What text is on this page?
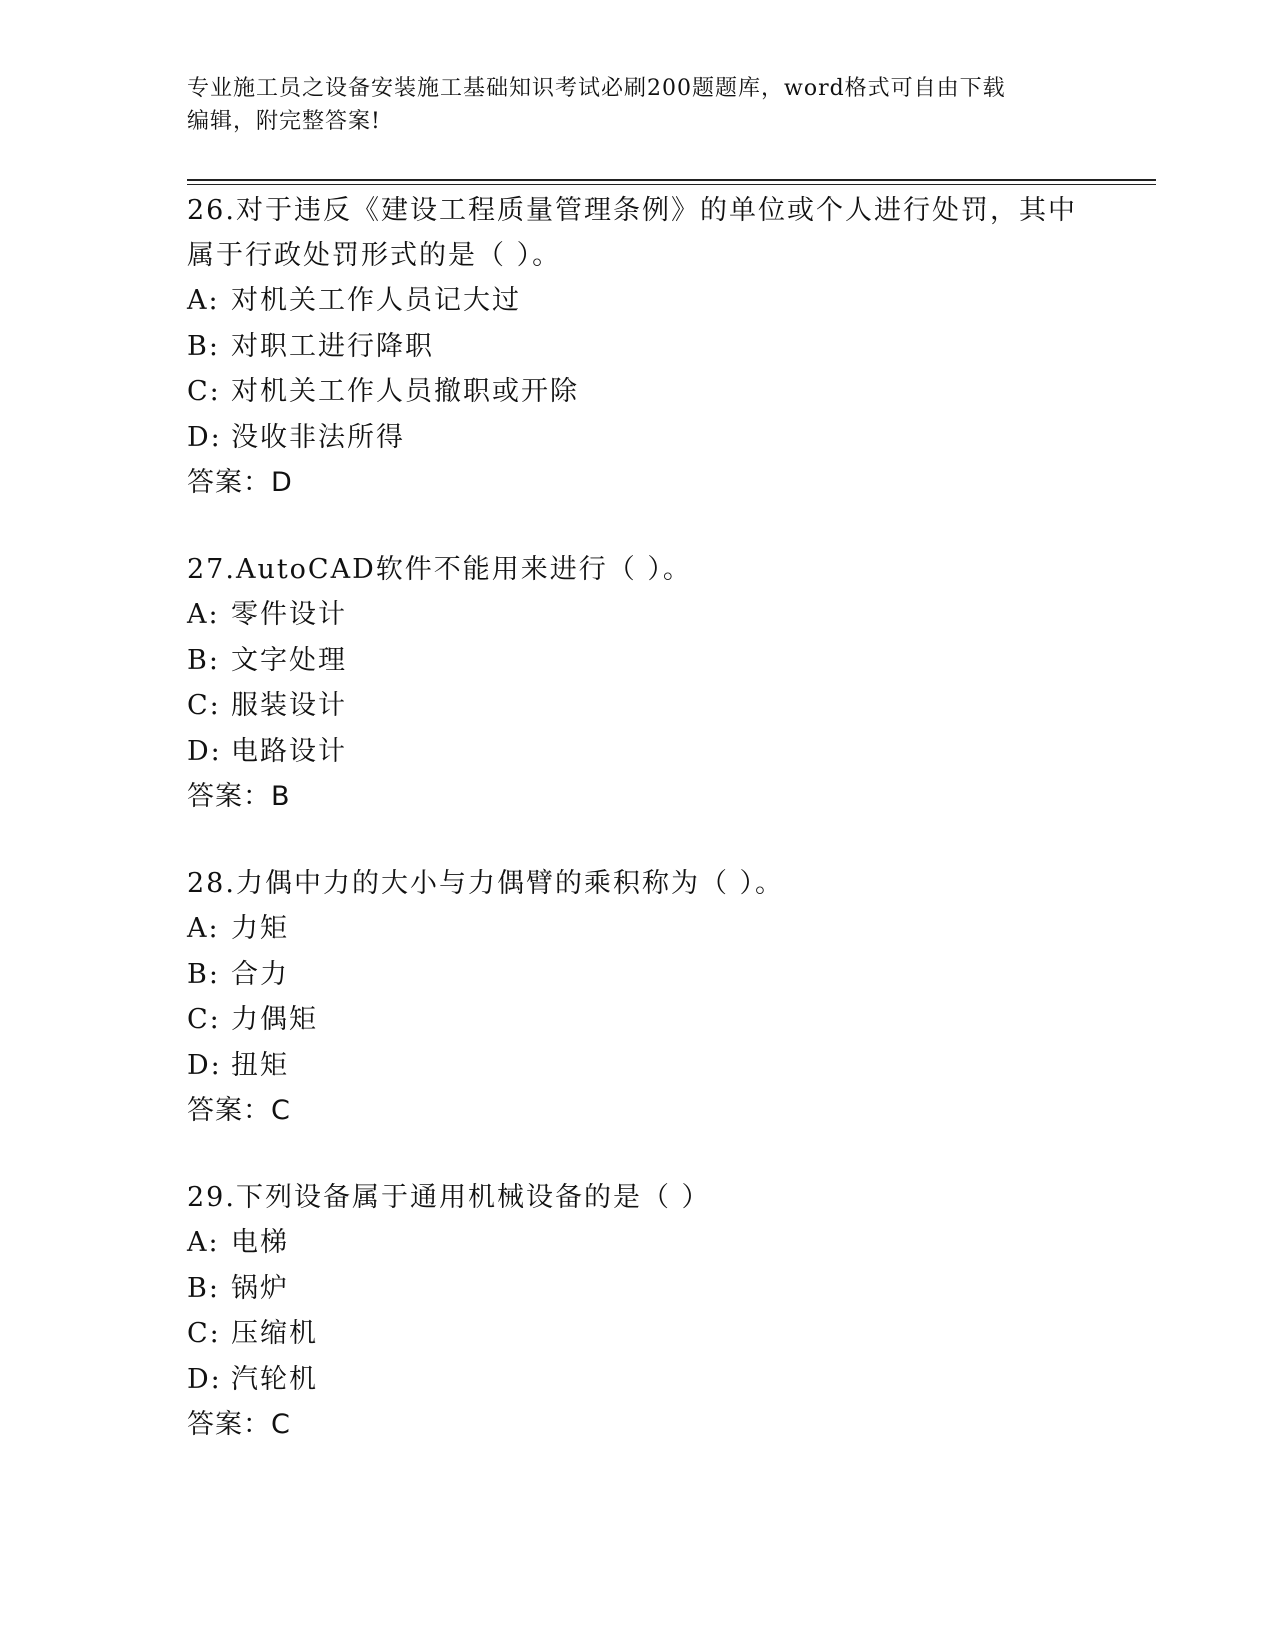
专业施工员之设备安装施工基础知识考试必刷200题题库，word格式可自由下载
编辑，附完整答案!

26.对于违反《建设工程质量管理条例》的单位或个人进行处罚，其中属于行政处罚形式的是（ ）。

A: 对机关工作人员记大过
B: 对职工进行降职
C: 对机关工作人员撤职或开除
D: 没收非法所得
答案：D

27.AutoCAD软件不能用来进行（ ）。

A: 零件设计
B: 文字处理
C: 服装设计
D: 电路设计
答案：B

28.力偶中力的大小与力偶臂的乘积称为（ ）。

A: 力矩
B: 合力
C: 力偶矩
D: 扭矩
答案：C

29.下列设备属于通用机械设备的是（ ）

A: 电梯
B: 锅炉
C: 压缩机
D: 汽轮机
答案：C
